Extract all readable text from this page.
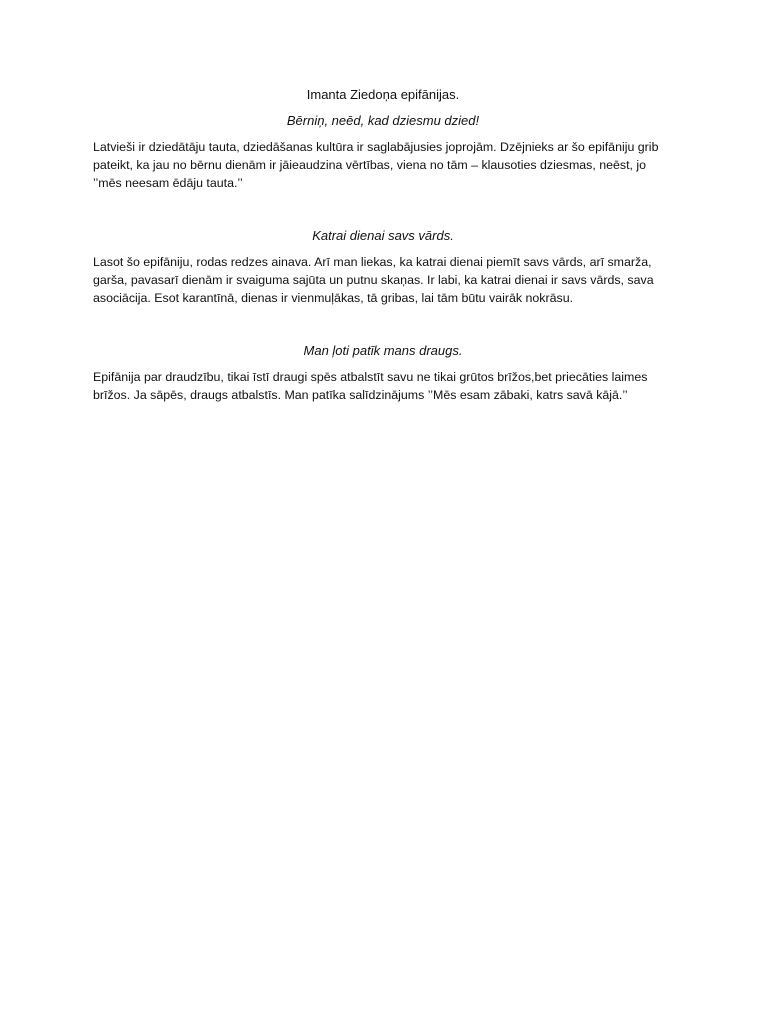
Imanta Ziedoņa epifānijas.

Bērniņ, neēd, kad dziesmu dzied!

Latvieši ir dziedātāju tauta, dziedāšanas kultūra ir saglabājusies joprojām. Dzējnieks ar šo epifāniju grib pateikt, ka jau no bērnu dienām ir jāieaudzina vērtības, viena no tām – klausoties dziesmas, neēst, jo ’’mēs neesam ēdāju tauta.’’

Katrai dienai savs vārds.

Lasot šo epifāniju, rodas redzes ainava. Arī man liekas, ka katrai dienai piemīt savs vārds, arī smarža, garša, pavasarī dienām ir svaiguma sajūta un putnu skaņas. Ir labi, ka katrai dienai ir savs vārds, sava asociācija. Esot karantīnā, dienas ir vienmuļākas, tā gribas, lai tām būtu vairāk nokrāsu.

Man ļoti patīk mans draugs.

Epifānija par draudzību, tikai īstī draugi spēs atbalstīt savu ne tikai grūtos brīžos,bet priecāties laimes brīžos. Ja sāpēs, draugs atbalstīs. Man patīka salīdzinājums ’’Mēs esam zābaki, katrs savā kājā.’’
